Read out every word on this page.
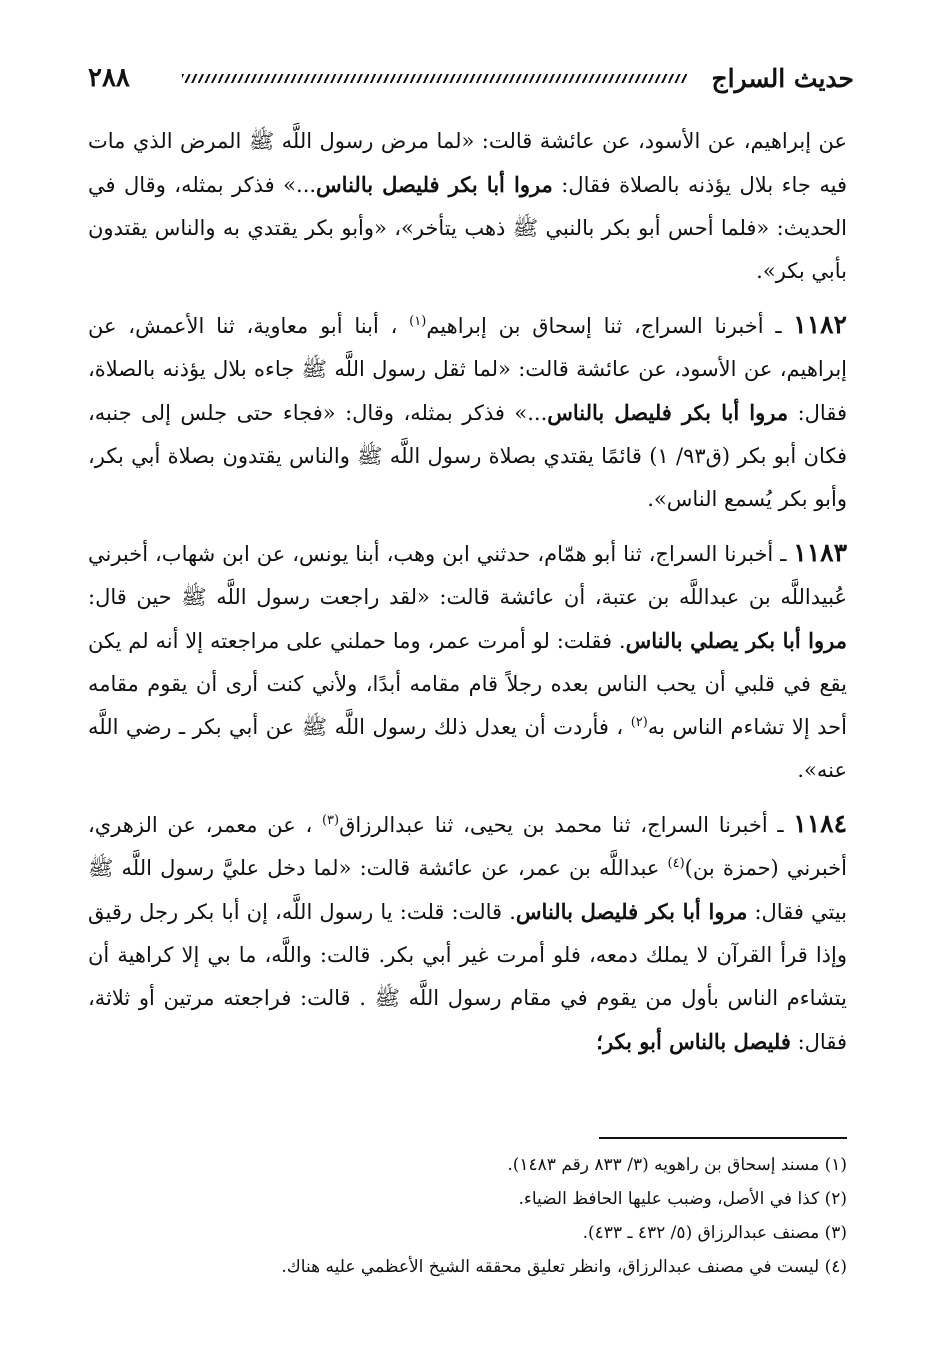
٢٨٨	حديث السراج

عن إبراهيم، عن الأسود، عن عائشة قالت: «لما مرض رسول اللَّه ﷺ المرض الذي مات فيه جاء بلال يؤذنه بالصلاة فقال: مروا أبا بكر فليصل بالناس...» فذكر بمثله، وقال في الحديث: «فلما أحس أبو بكر بالنبي ﷺ ذهب يتأخر»، «وأبو بكر يقتدي به والناس يقتدون بأبي بكر».

١١٨٢ ـ أخبرنا السراج، ثنا إسحاق بن إبراهيم$^{(١)}$ ، أبنا أبو معاوية، ثنا الأعمش، عن إبراهيم، عن الأسود، عن عائشة قالت: «لما ثقل رسول اللَّه ﷺ جاءه بلال يؤذنه بالصلاة، فقال: مروا أبا بكر فليصل بالناس...» فذكر بمثله، وقال: «فجاء حتى جلس إلى جنبه، فكان أبو بكر (ق٩٣/ ١) قائمًا يقتدي بصلاة رسول اللَّه ﷺ والناس يقتدون بصلاة أبي بكر، وأبو بكر يُسمع الناس».

١١٨٣ ـ أخبرنا السراج، ثنا أبو همّام، حدثني ابن وهب، أبنا يونس، عن ابن شهاب، أخبرني عُبيداللَّه بن عبداللَّه بن عتبة، أن عائشة قالت: «لقد راجعت رسول اللَّه ﷺ حين قال: مروا أبا بكر يصلي بالناس. فقلت: لو أمرت عمر، وما حملني على مراجعته إلا أنه لم يكن يقع في قلبي أن يحب الناس بعده رجلاً قام مقامه أبدًا، ولأني كنت أرى أن يقوم مقامه أحد إلا تشاءم الناس به$^{(٢)}$ ، فأردت أن يعدل ذلك رسول اللَّه ﷺ عن أبي بكر ـ رضي اللَّه عنه».

١١٨٤ ـ أخبرنا السراج، ثنا محمد بن يحيى، ثنا عبدالرزاق$^{(٣)}$ ، عن معمر، عن الزهري، أخبرني (حمزة بن)$^{(٤)}$ عبداللَّه بن عمر، عن عائشة قالت: «لما دخل عليَّ رسول اللَّه ﷺ بيتي فقال: مروا أبا بكر فليصل بالناس. قالت: قلت: يا رسول اللَّه، إن أبا بكر رجل رقيق وإذا قرأ القرآن لا يملك دمعه، فلو أمرت غير أبي بكر. قالت: واللَّه، ما بي إلا كراهية أن يتشاءم الناس بأول من يقوم في مقام رسول اللَّه ﷺ . قالت: فراجعته مرتين أو ثلاثة، فقال: فليصل بالناس أبو بكر؛

(١) مسند إسحاق بن راهويه (٣/ ٨٣٣ رقم ١٤٨٣).

(٢) كذا في الأصل، وضبب عليها الحافظ الضياء.

(٣) مصنف عبدالرزاق (٥/ ٤٣٢ ـ ٤٣٣).

(٤) ليست في مصنف عبدالرزاق، وانظر تعليق محققه الشيخ الأعظمي عليه هناك.
